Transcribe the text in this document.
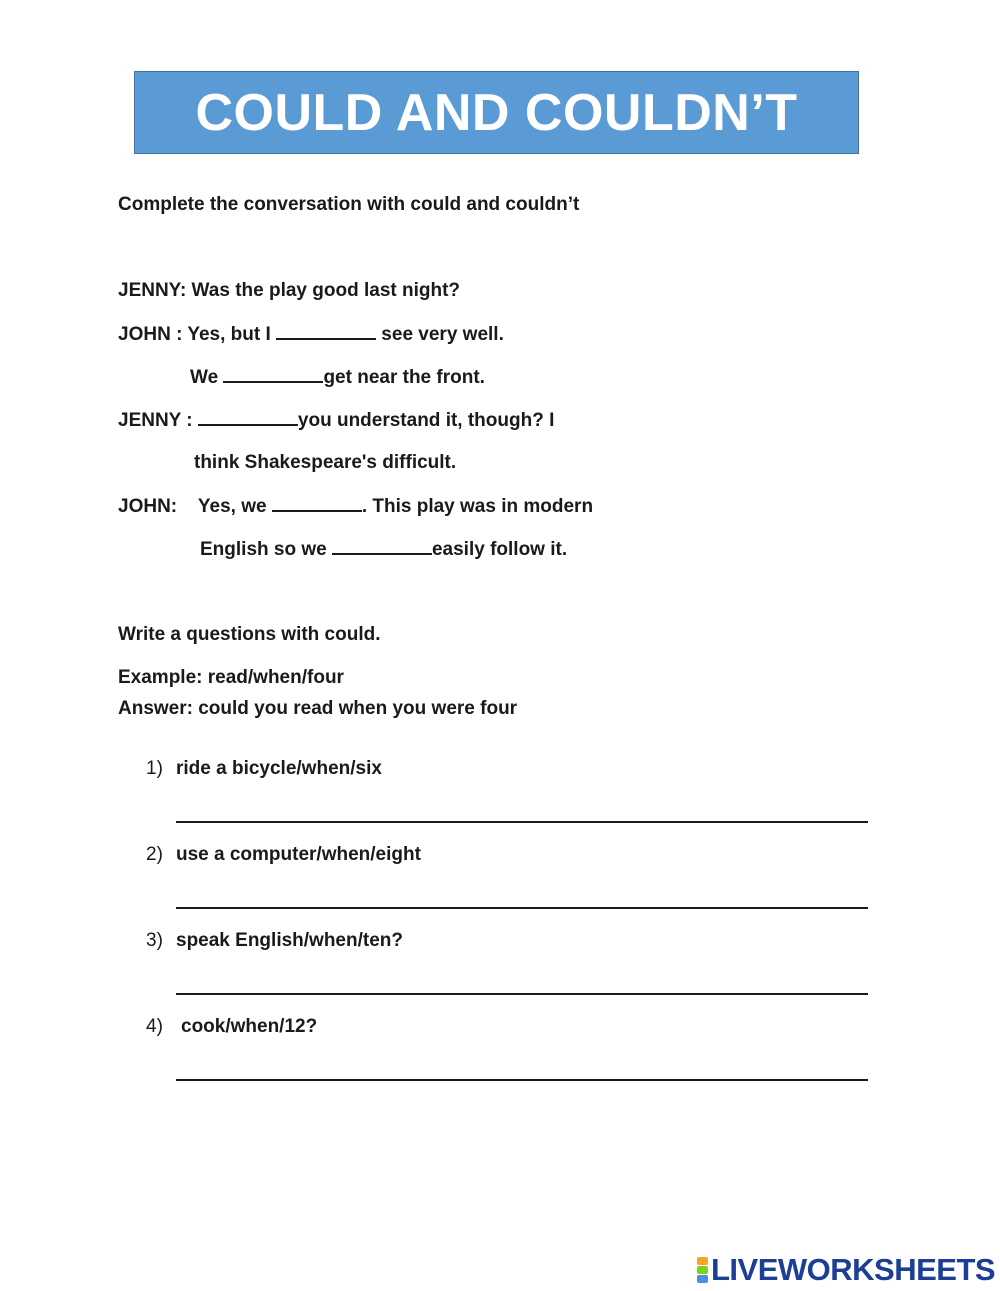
COULD AND COULDN’T
Complete the conversation with could and couldn’t
JENNY: Was the play good last night?
JOHN : Yes, but I	see very well.
We	get near the front.
JENNY :	you understand it, though? I
think Shakespeare's difficult.
JOHN:    Yes, we	. This play was in modern
English so we	easily follow it.
Write a questions with could.
Example: read/when/four
Answer: could you read when you were four
1) ride a bicycle/when/six
2) use a computer/when/eight
3) speak English/when/ten?
4) cook/when/12?
LIVEWORKSHEETS
